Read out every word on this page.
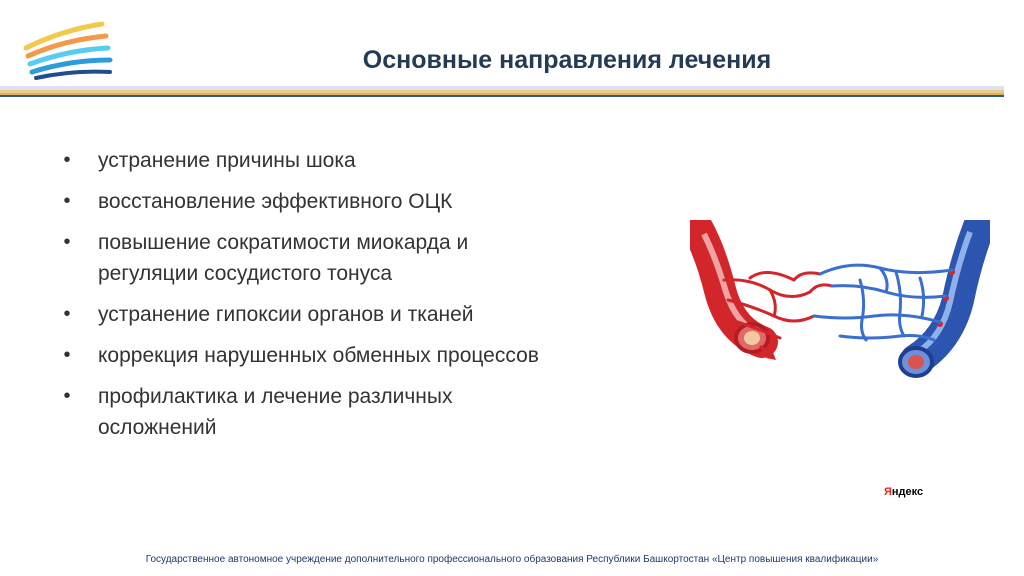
Основные направления лечения
• устранение причины шока
• восстановление эффективного ОЦК
• повышение сократимости миокарда и
регуляции сосудистого тонуса
• устранение гипоксии органов и тканей
• коррекция нарушенных обменных процессов
• профилактика и лечение различных
осложнений
Яндекс
Государственное автономное учреждение дополнительного профессионального образования Республики Башкортостан «Центр повышения квалификации»
